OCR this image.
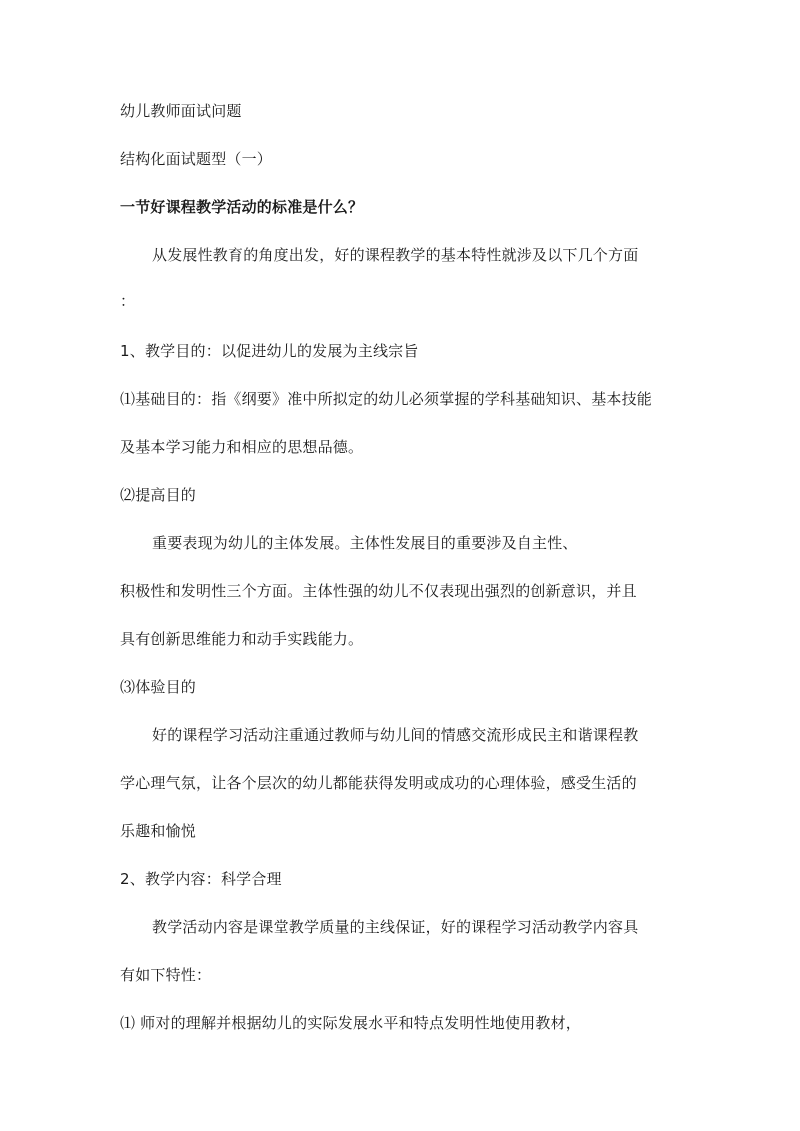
幼儿教师面试问题
结构化面试题型（一）
一节好课程教学活动的标准是什么？
从发展性教育的角度出发，好的课程教学的基本特性就涉及以下几个方面
：
1、教学目的：以促进幼儿的发展为主线宗旨
⑴基础目的：指《纲要》准中所拟定的幼儿必须掌握的学科基础知识、基本技能
及基本学习能力和相应的思想品德。
⑵提高目的
重要表现为幼儿的主体发展。主体性发展目的重要涉及自主性、
积极性和发明性三个方面。主体性强的幼儿不仅表现出强烈的创新意识，并且
具有创新思维能力和动手实践能力。
⑶体验目的
好的课程学习活动注重通过教师与幼儿间的情感交流形成民主和谐课程教
学心理气氛，让各个层次的幼儿都能获得发明或成功的心理体验，感受生活的
乐趣和愉悦
2、教学内容：科学合理
教学活动内容是课堂教学质量的主线保证，好的课程学习活动教学内容具
有如下特性：
⑴ 师对的理解并根据幼儿的实际发展水平和特点发明性地使用教材，
